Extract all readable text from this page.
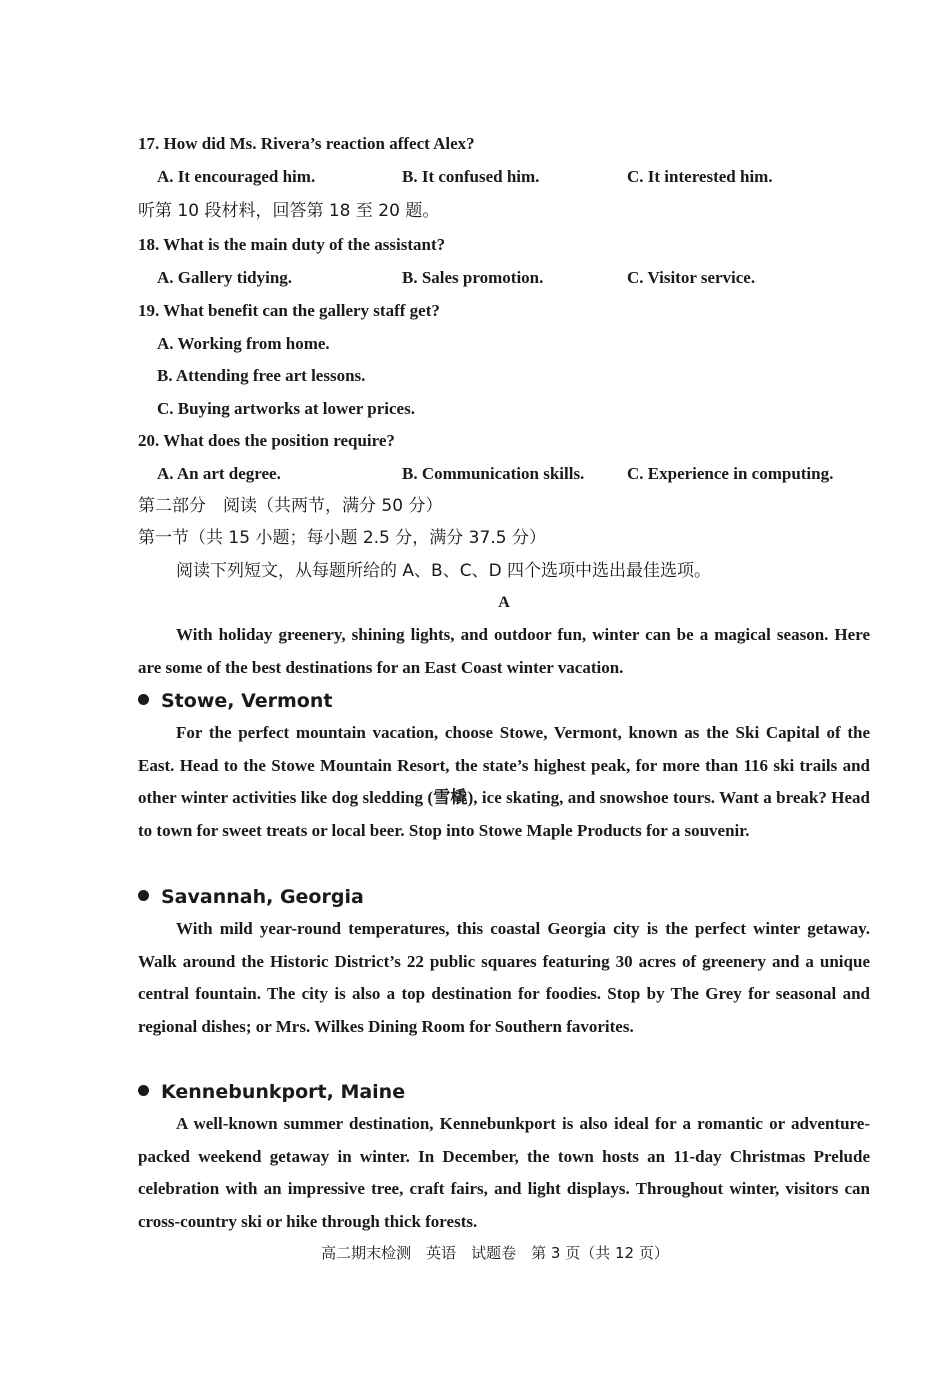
17. How did Ms. Rivera’s reaction affect Alex?
A. It encouraged him.	B. It confused him.	C. It interested him.
听第 10 段材料，回答第 18 至 20 题。
18. What is the main duty of the assistant?
A. Gallery tidying.	B. Sales promotion.	C. Visitor service.
19. What benefit can the gallery staff get?
A. Working from home.
B. Attending free art lessons.
C. Buying artworks at lower prices.
20. What does the position require?
A. An art degree.	B. Communication skills.	C. Experience in computing.
第二部分　阅读（共两节，满分 50 分）
第一节（共 15 小题；每小题 2.5 分，满分 37.5 分）
阅读下列短文，从每题所给的 A、B、C、D 四个选项中选出最佳选项。
A

With holiday greenery, shining lights, and outdoor fun, winter can be a magical season. Here are some of the best destinations for an East Coast winter vacation.

Stowe, Vermont

For the perfect mountain vacation, choose Stowe, Vermont, known as the Ski Capital of the East. Head to the Stowe Mountain Resort, the state’s highest peak, for more than 116 ski trails and other winter activities like dog sledding (雪橇), ice skating, and snowshoe tours. Want a break? Head to town for sweet treats or local beer. Stop into Stowe Maple Products for a souvenir.

Savannah, Georgia

With mild year-round temperatures, this coastal Georgia city is the perfect winter getaway. Walk around the Historic District’s 22 public squares featuring 30 acres of greenery and a unique central fountain. The city is also a top destination for foodies. Stop by The Grey for seasonal and regional dishes; or Mrs. Wilkes Dining Room for Southern favorites.

Kennebunkport, Maine

A well-known summer destination, Kennebunkport is also ideal for a romantic or adventure-packed weekend getaway in winter. In December, the town hosts an 11-day Christmas Prelude celebration with an impressive tree, craft fairs, and light displays. Throughout winter, visitors can cross-country ski or hike through thick forests.

高二期末检测　英语　试题卷　第 3 页（共 12 页）
